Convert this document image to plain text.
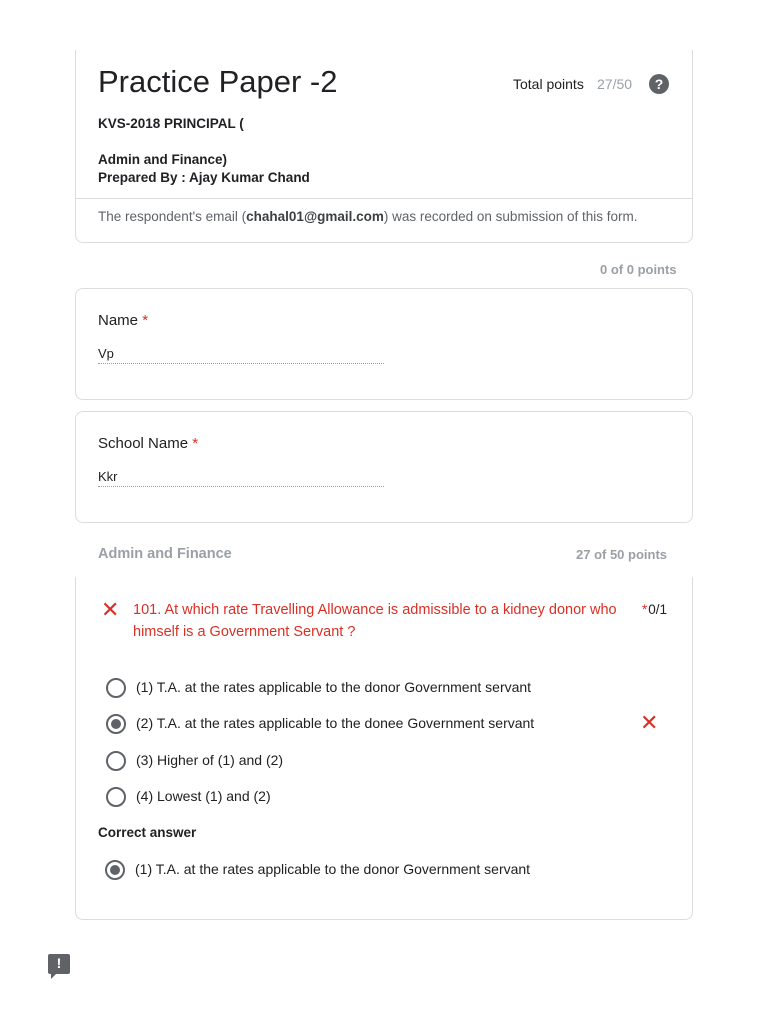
Practice Paper -2	Total points 27/50	?
KVS-2018 PRINCIPAL (
Admin and Finance)
Prepared By : Ajay Kumar Chand
The respondent's email (chahal01@gmail.com) was recorded on submission of this form.
0 of 0 points
Name *
Vp
School Name *
Kkr
Admin and Finance	27 of 50 points
✕ 101. At which rate Travelling Allowance is admissible to a kidney donor who himself is a Government Servant ?
*0/1
(1) T.A. at the rates applicable to the donor Government servant
(2) T.A. at the rates applicable to the donee Government servant	✕
(3) Higher of (1) and (2)
(4) Lowest (1) and (2)
Correct answer
(1) T.A. at the rates applicable to the donor Government servant
!
